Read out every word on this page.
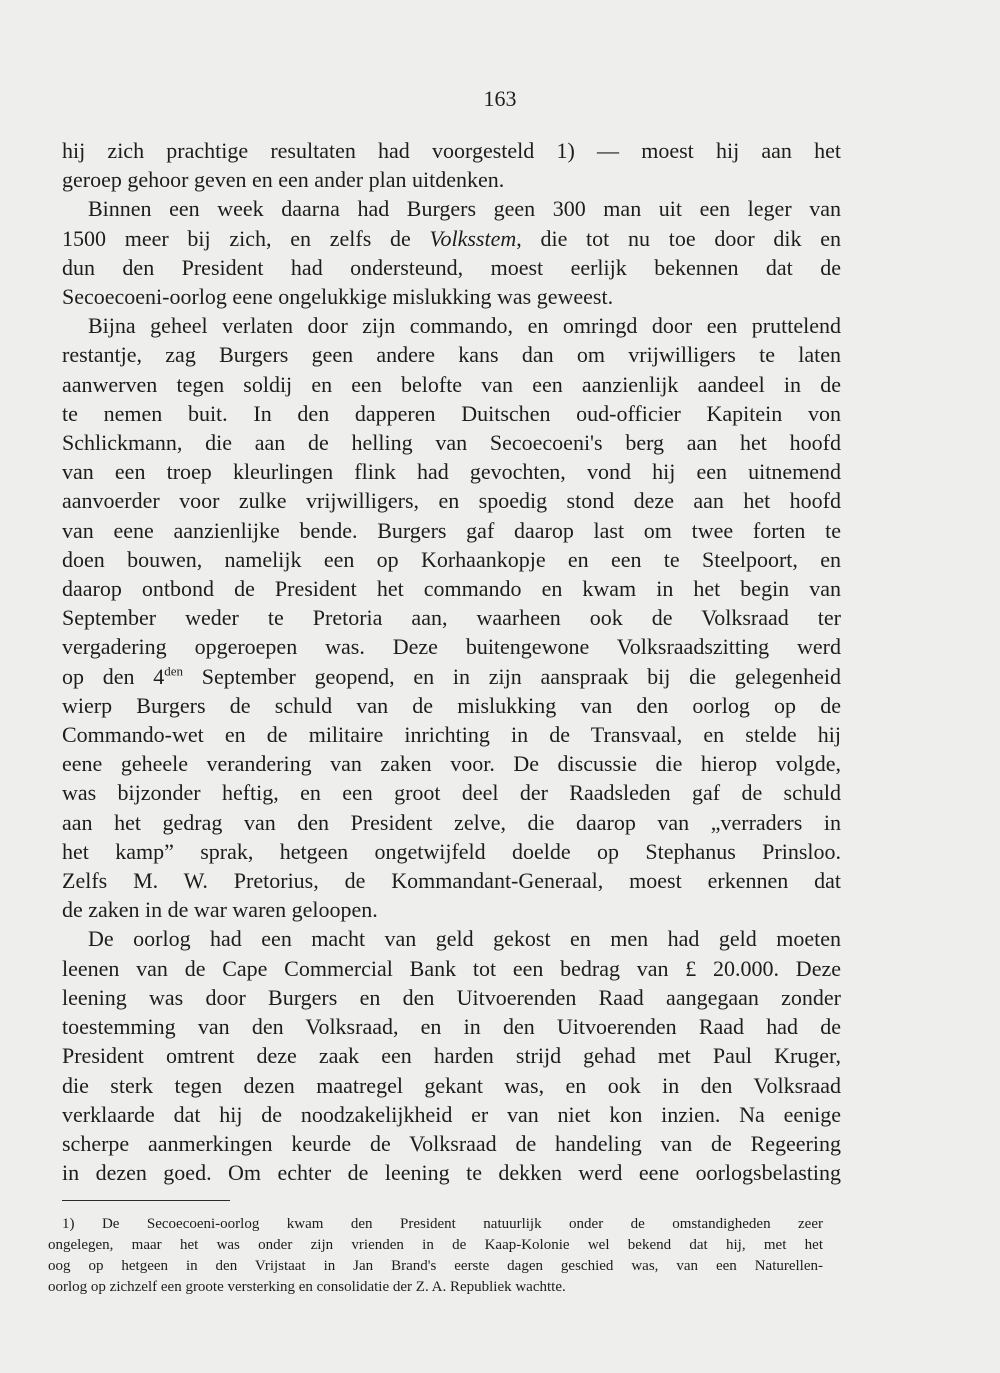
163
hij zich prachtige resultaten had voorgesteld 1) — moest hij aan het
geroep gehoor geven en een ander plan uitdenken.
Binnen een week daarna had Burgers geen 300 man uit een leger van
1500 meer bij zich, en zelfs de Volksstem, die tot nu toe door dik en
dun den President had ondersteund, moest eerlijk bekennen dat de
Secoecoeni-oorlog eene ongelukkige mislukking was geweest.
Bijna geheel verlaten door zijn commando, en omringd door een pruttelend
restantje, zag Burgers geen andere kans dan om vrijwilligers te laten
aanwerven tegen soldij en een belofte van een aanzienlijk aandeel in de
te nemen buit. In den dapperen Duitschen oud-officier Kapitein von
Schlickmann, die aan de helling van Secoecoeni's berg aan het hoofd
van een troep kleurlingen flink had gevochten, vond hij een uitnemend
aanvoerder voor zulke vrijwilligers, en spoedig stond deze aan het hoofd
van eene aanzienlijke bende. Burgers gaf daarop last om twee forten te
doen bouwen, namelijk een op Korhaankopje en een te Steelpoort, en
daarop ontbond de President het commando en kwam in het begin van
September weder te Pretoria aan, waarheen ook de Volksraad ter
vergadering opgeroepen was. Deze buitengewone Volksraadszitting werd
op den $4^{den}$ September geopend, en in zijn aanspraak bij die gelegenheid
wierp Burgers de schuld van de mislukking van den oorlog op de
Commando-wet en de militaire inrichting in de Transvaal, en stelde hij
eene geheele verandering van zaken voor. De discussie die hierop volgde,
was bijzonder heftig, en een groot deel der Raadsleden gaf de schuld
aan het gedrag van den President zelve, die daarop van „verraders in
het kamp” sprak, hetgeen ongetwijfeld doelde op Stephanus Prinsloo.
Zelfs M. W. Pretorius, de Kommandant-Generaal, moest erkennen dat
de zaken in de war waren geloopen.
De oorlog had een macht van geld gekost en men had geld moeten
leenen van de Cape Commercial Bank tot een bedrag van £ 20.000. Deze
leening was door Burgers en den Uitvoerenden Raad aangegaan zonder
toestemming van den Volksraad, en in den Uitvoerenden Raad had de
President omtrent deze zaak een harden strijd gehad met Paul Kruger,
die sterk tegen dezen maatregel gekant was, en ook in den Volksraad
verklaarde dat hij de noodzakelijkheid er van niet kon inzien. Na eenige
scherpe aanmerkingen keurde de Volksraad de handeling van de Regeering
in dezen goed. Om echter de leening te dekken werd eene oorlogsbelasting
1) De Secoecoeni-oorlog kwam den President natuurlijk onder de omstandigheden zeer
ongelegen, maar het was onder zijn vrienden in de Kaap-Kolonie wel bekend dat hij, met het
oog op hetgeen in den Vrijstaat in Jan Brand's eerste dagen geschied was, van een Naturellen-
oorlog op zichzelf een groote versterking en consolidatie der Z. A. Republiek wachtte.
